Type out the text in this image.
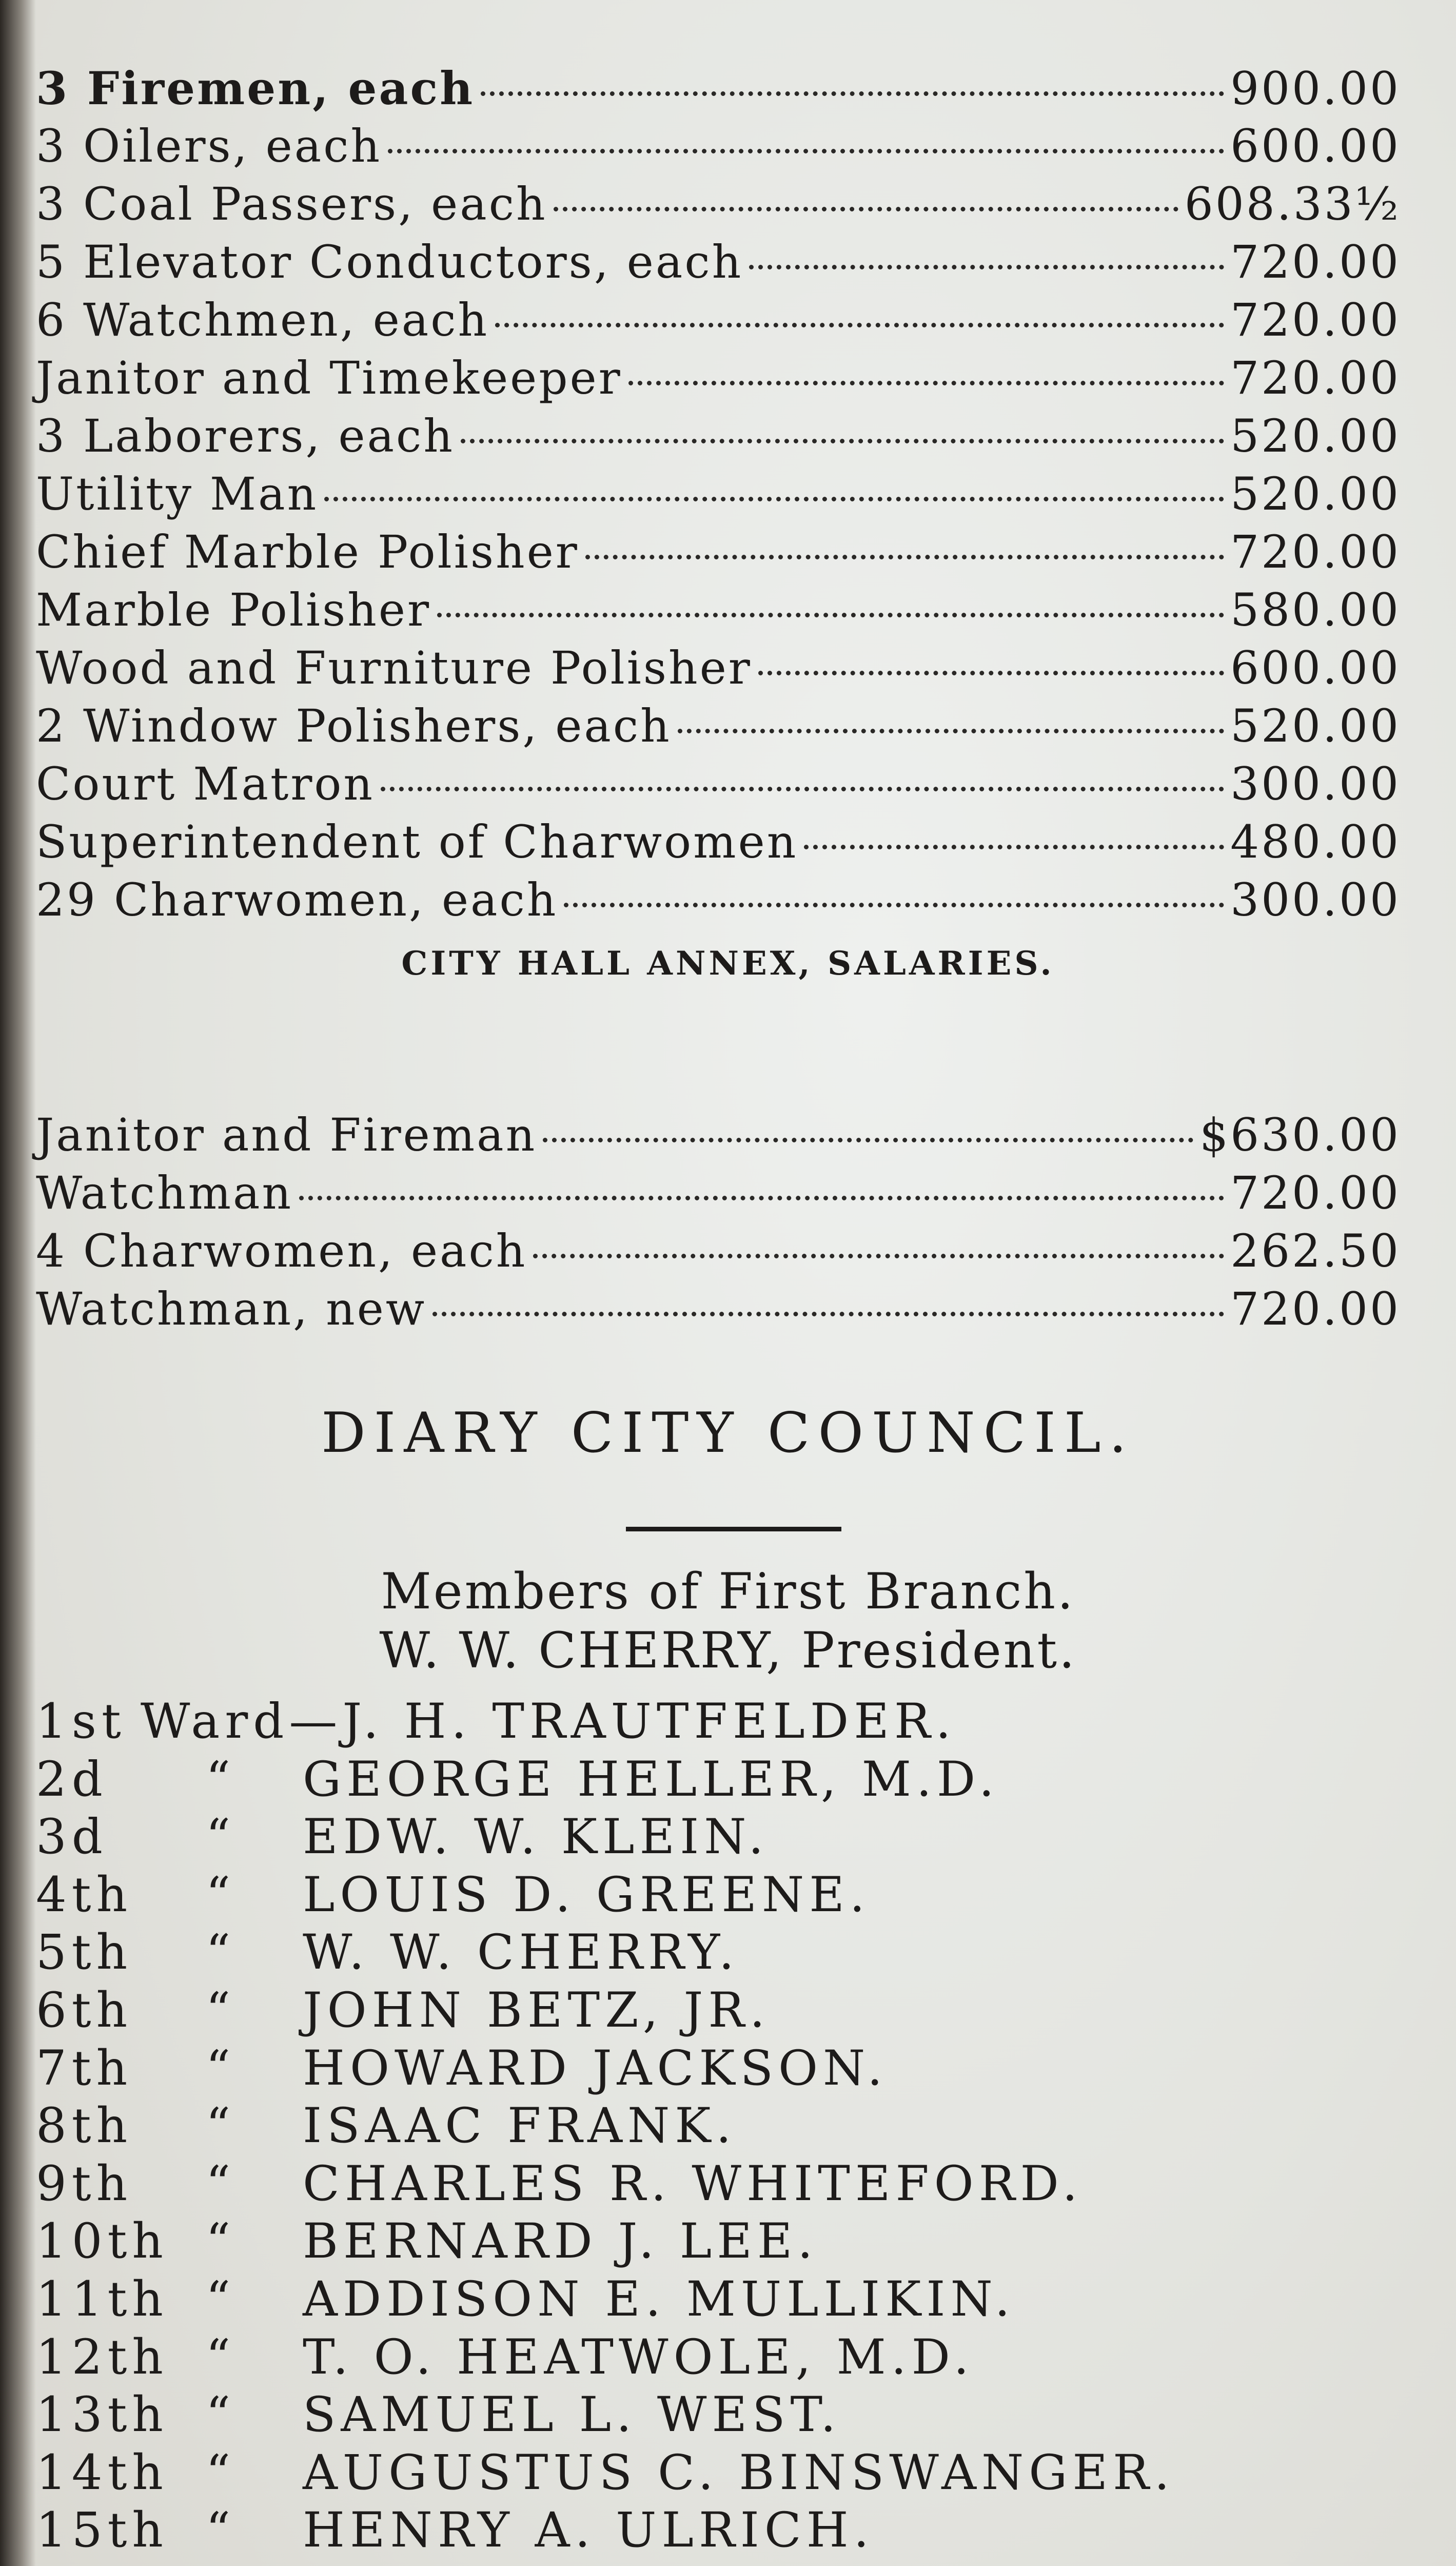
3 Firemen, each	900.00
3 Oilers, each	600.00
3 Coal Passers, each	608.33½
5 Elevator Conductors, each	720.00
6 Watchmen, each	720.00
Janitor and Timekeeper	720.00
3 Laborers, each	520.00
Utility Man	520.00
Chief Marble Polisher	720.00
Marble Polisher	580.00
Wood and Furniture Polisher	600.00
2 Window Polishers, each	520.00
Court Matron	300.00
Superintendent of Charwomen	480.00
29 Charwomen, each	300.00
CITY HALL ANNEX, SALARIES.
Janitor and Fireman	$ 630.00
Watchman	720.00
4 Charwomen, each	262.50
Watchman, new	720.00
DIARY CITY COUNCIL.
Members of First Branch.
W. W. CHERRY, President.
1st Ward— J. H. TRAUTFELDER.
2d	“	GEORGE HELLER, M.D.
3d	“	EDW. W. KLEIN.
4th	“	LOUIS D. GREENE.
5th	“	W. W. CHERRY.
6th	“	JOHN BETZ, JR.
7th	“	HOWARD JACKSON.
8th	“	ISAAC FRANK.
9th	“	CHARLES R. WHITEFORD.
10th “	BERNARD J. LEE.
11th “	ADDISON E. MULLIKIN.
12th “	T. O. HEATWOLE, M.D.
13th “	SAMUEL L. WEST.
14th “	AUGUSTUS C. BINSWANGER.
15th “	HENRY A. ULRICH.
